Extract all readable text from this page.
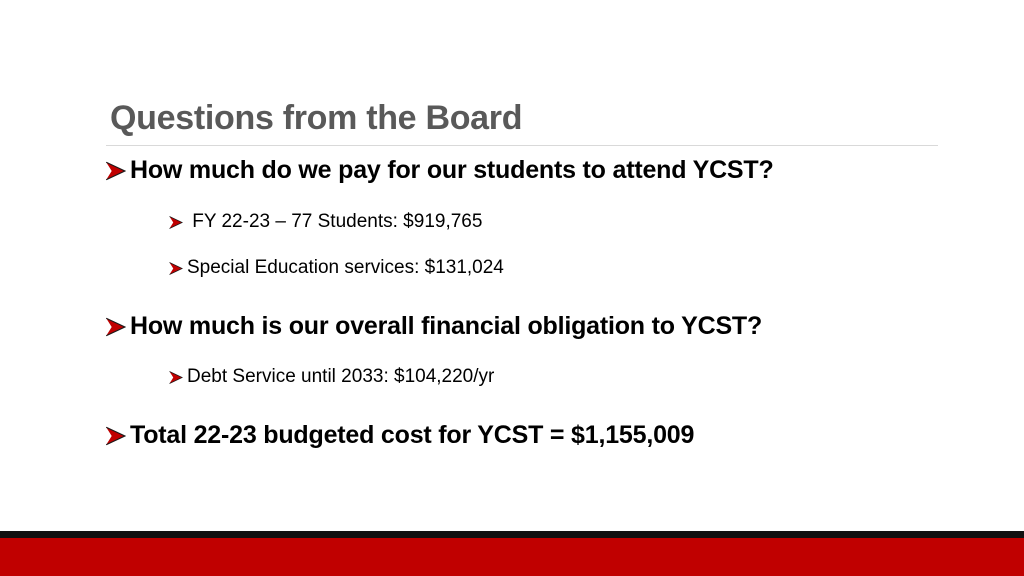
Questions from the Board
How much do we pay for our students to attend YCST?
FY 22-23 – 77 Students: $919,765
Special Education services: $131,024
How much is our overall financial obligation to YCST?
Debt Service until 2033: $104,220/yr
Total 22-23 budgeted cost for YCST = $1,155,009
